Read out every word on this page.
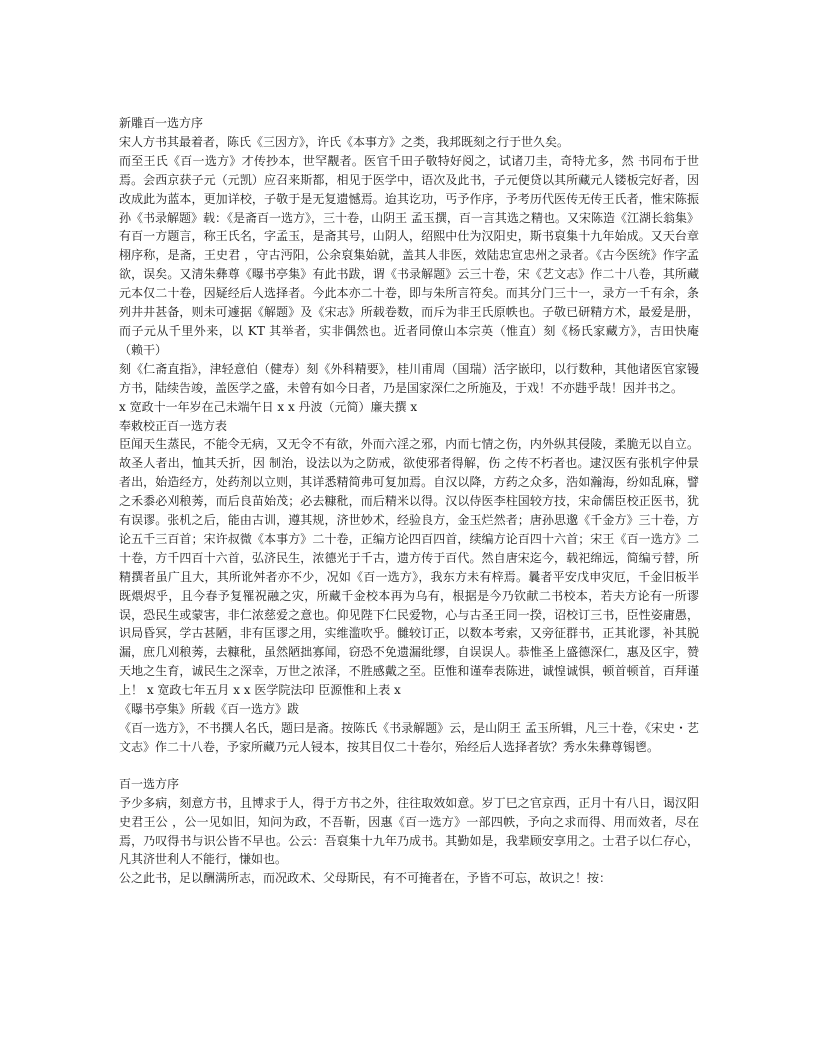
新雕百一选方序

宋人方书其最着者，陈氏《三因方》，许氏《本事方》之类，我邦既刻之行于世久矣。

而至王氏《百一选方》才传抄本，世罕觏者。医官千田子敬特好阅之，试诸刀圭，奇特尤多，然 书同布于世焉。会西京获子元（元凯）应召来斯都，相见于医学中，语次及此书，子元便贷以其所藏元人镂板完好者，因改成此为蓝本，更加详校，子敬于是无复遗憾焉。迨其讫功，丐予作序，予考历代医传无传王氏者，惟宋陈振孙《书录解题》载：《是斋百一选方》，三十卷，山阴王 孟玉撰，百一言其选之精也。又宋陈造《江湖长翁集》有百一方题言，称王氏名，字孟玉，是斋其号，山阴人，绍熙中仕为汉阳史，斯书裒集十九年始成。又天台章栩序称，是斋，王史君 ，守古沔阳，公余裒集始就，盖其人非医，效陆忠宣忠州之录者。《古今医统》作字孟欲，误矣。又清朱彝尊《曝书亭集》有此书跋，谓《书录解题》云三十卷，宋《艺文志》作二十八卷，其所藏元本仅二十卷，因疑经后人选择者。今此本亦二十卷，即与朱所言符矣。而其分门三十一，录方一千有余，条列井井甚备，则未可遽据《解题》及《宋志》所载卷数，而斥为非王氏原帙也。子敬已研精方术，最爱是册，而子元从千里外来，以 KT 其举者，实非偶然也。近者同僚山本宗英（惟直）刻《杨氏家藏方》，吉田快庵（赖干）

刻《仁斋直指》，津轻意伯（健寿）刻《外科精要》，桂川甫周（国瑞）活字嵌印，以行数种，其他诸医官家镘方书，陆续告竣，盖医学之盛，未曾有如今日者，乃是国家深仁之所施及，于戏！不亦韪乎哉！因并书之。

x 宽政十一年岁在己未端午日 x x 丹波（元简）廉夫撰 x

奉敕校正百一选方表

臣闻天生蒸民，不能令无病，又无令不有欲，外而六淫之邪，内而七情之伤，内外纵其侵陵，柔脆无以自立。故圣人者出，恤其夭折，因 制治，设法以为之防戒，欲使邪者得解，伤 之传不朽者也。逮汉医有张机字仲景者出，始造经方，处药剂以立则，其详悉精简弗可复加焉。自汉以降，方药之众多，浩如瀚海，纷如乱麻，譬之禾黍必刈稂莠，而后良苗始茂；必去糠秕，而后精米以得。汉以侍医李柱国较方技，宋命儒臣校正医书，犹有误谬。张机之后，能由古训，遵其规，济世妙术，经验良方，金玉烂然者；唐孙思邈《千金方》三十卷，方论五千三百首；宋许叔微《本事方》二十卷，正编方论四百四首，续编方论百四十六首；宋王《百一选方》二十卷，方千四百十六首，弘济民生，浓德光于千古，遗方传于百代。然自唐宋迄今，载祀绵远，简编亏替，所精撰者虽广且大，其所讹舛者亦不少，况如《百一选方》，我东方未有梓焉。曩者平安戊申灾厄，千金旧板半既煨烬乎，且今春予复罹祝融之灾，所藏千金校本再为乌有，根据是今乃钦献二书校本，若夫方论有一所谬误，恐民生或蒙害，非仁浓慈爱之意也。仰见陛下仁民爱物，心与古圣王同一揆，诏校订三书，臣性姿庸愚，识局昏冥，学古甚陋，非有匡谬之用，实维滥吹乎。雠较订正，以数本考索，又旁征群书，正其讹谬，补其脱漏，庶几刈稂莠，去糠秕，虽然陋拙寡闻，窃恐不免遗漏纰缪，自误误人。恭惟圣上盛德深仁，惠及区宇，赞天地之生育，诚民生之深幸，万世之浓泽，不胜感戴之至。臣惟和谨奉表陈进，诚惶诚惧，顿首顿首，百拜谨上！ x 宽政七年五月 x x 医学院法印 臣源惟和上表 x

《曝书亭集》所载《百一选方》跋

《百一选方》，不书撰人名氏，题曰是斋。按陈氏《书录解题》云，是山阴王 孟玉所辑，凡三十卷，《宋史・艺文志》作二十八卷，予家所藏乃元人锓本，按其目仅二十卷尔，殆经后人选择者欤？秀水朱彝尊锡鬯。

百一选方序

予少多病，刻意方书，且博求于人，得于方书之外，往往取效如意。岁丁巳之官京西，正月十有八日，谒汉阳史君王公 ，公一见如旧，知问为政，不吾靳，因惠《百一选方》一部四帙，予向之求而得、用而效者，尽在焉，乃叹得书与识公皆不早也。公云：吾裒集十九年乃成书。其勤如是，我辈顾安享用之。士君子以仁存心，凡其济世利人不能行，慊如也。

公之此书，足以酬满所志，而况政术、父母斯民，有不可掩者在，予皆不可忘，故识之！按：
